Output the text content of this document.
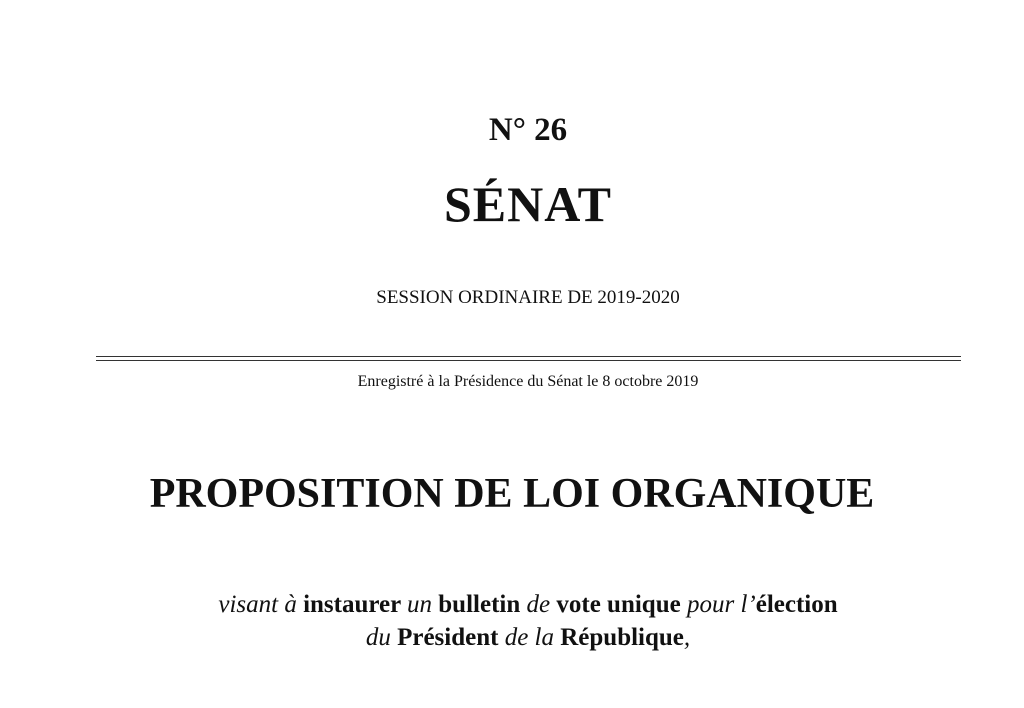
N° 26
SÉNAT
SESSION ORDINAIRE DE 2019-2020
Enregistré à la Présidence du Sénat le 8 octobre 2019
PROPOSITION DE LOI ORGANIQUE
visant à instaurer un bulletin de vote unique pour l’élection
du Président de la République,
